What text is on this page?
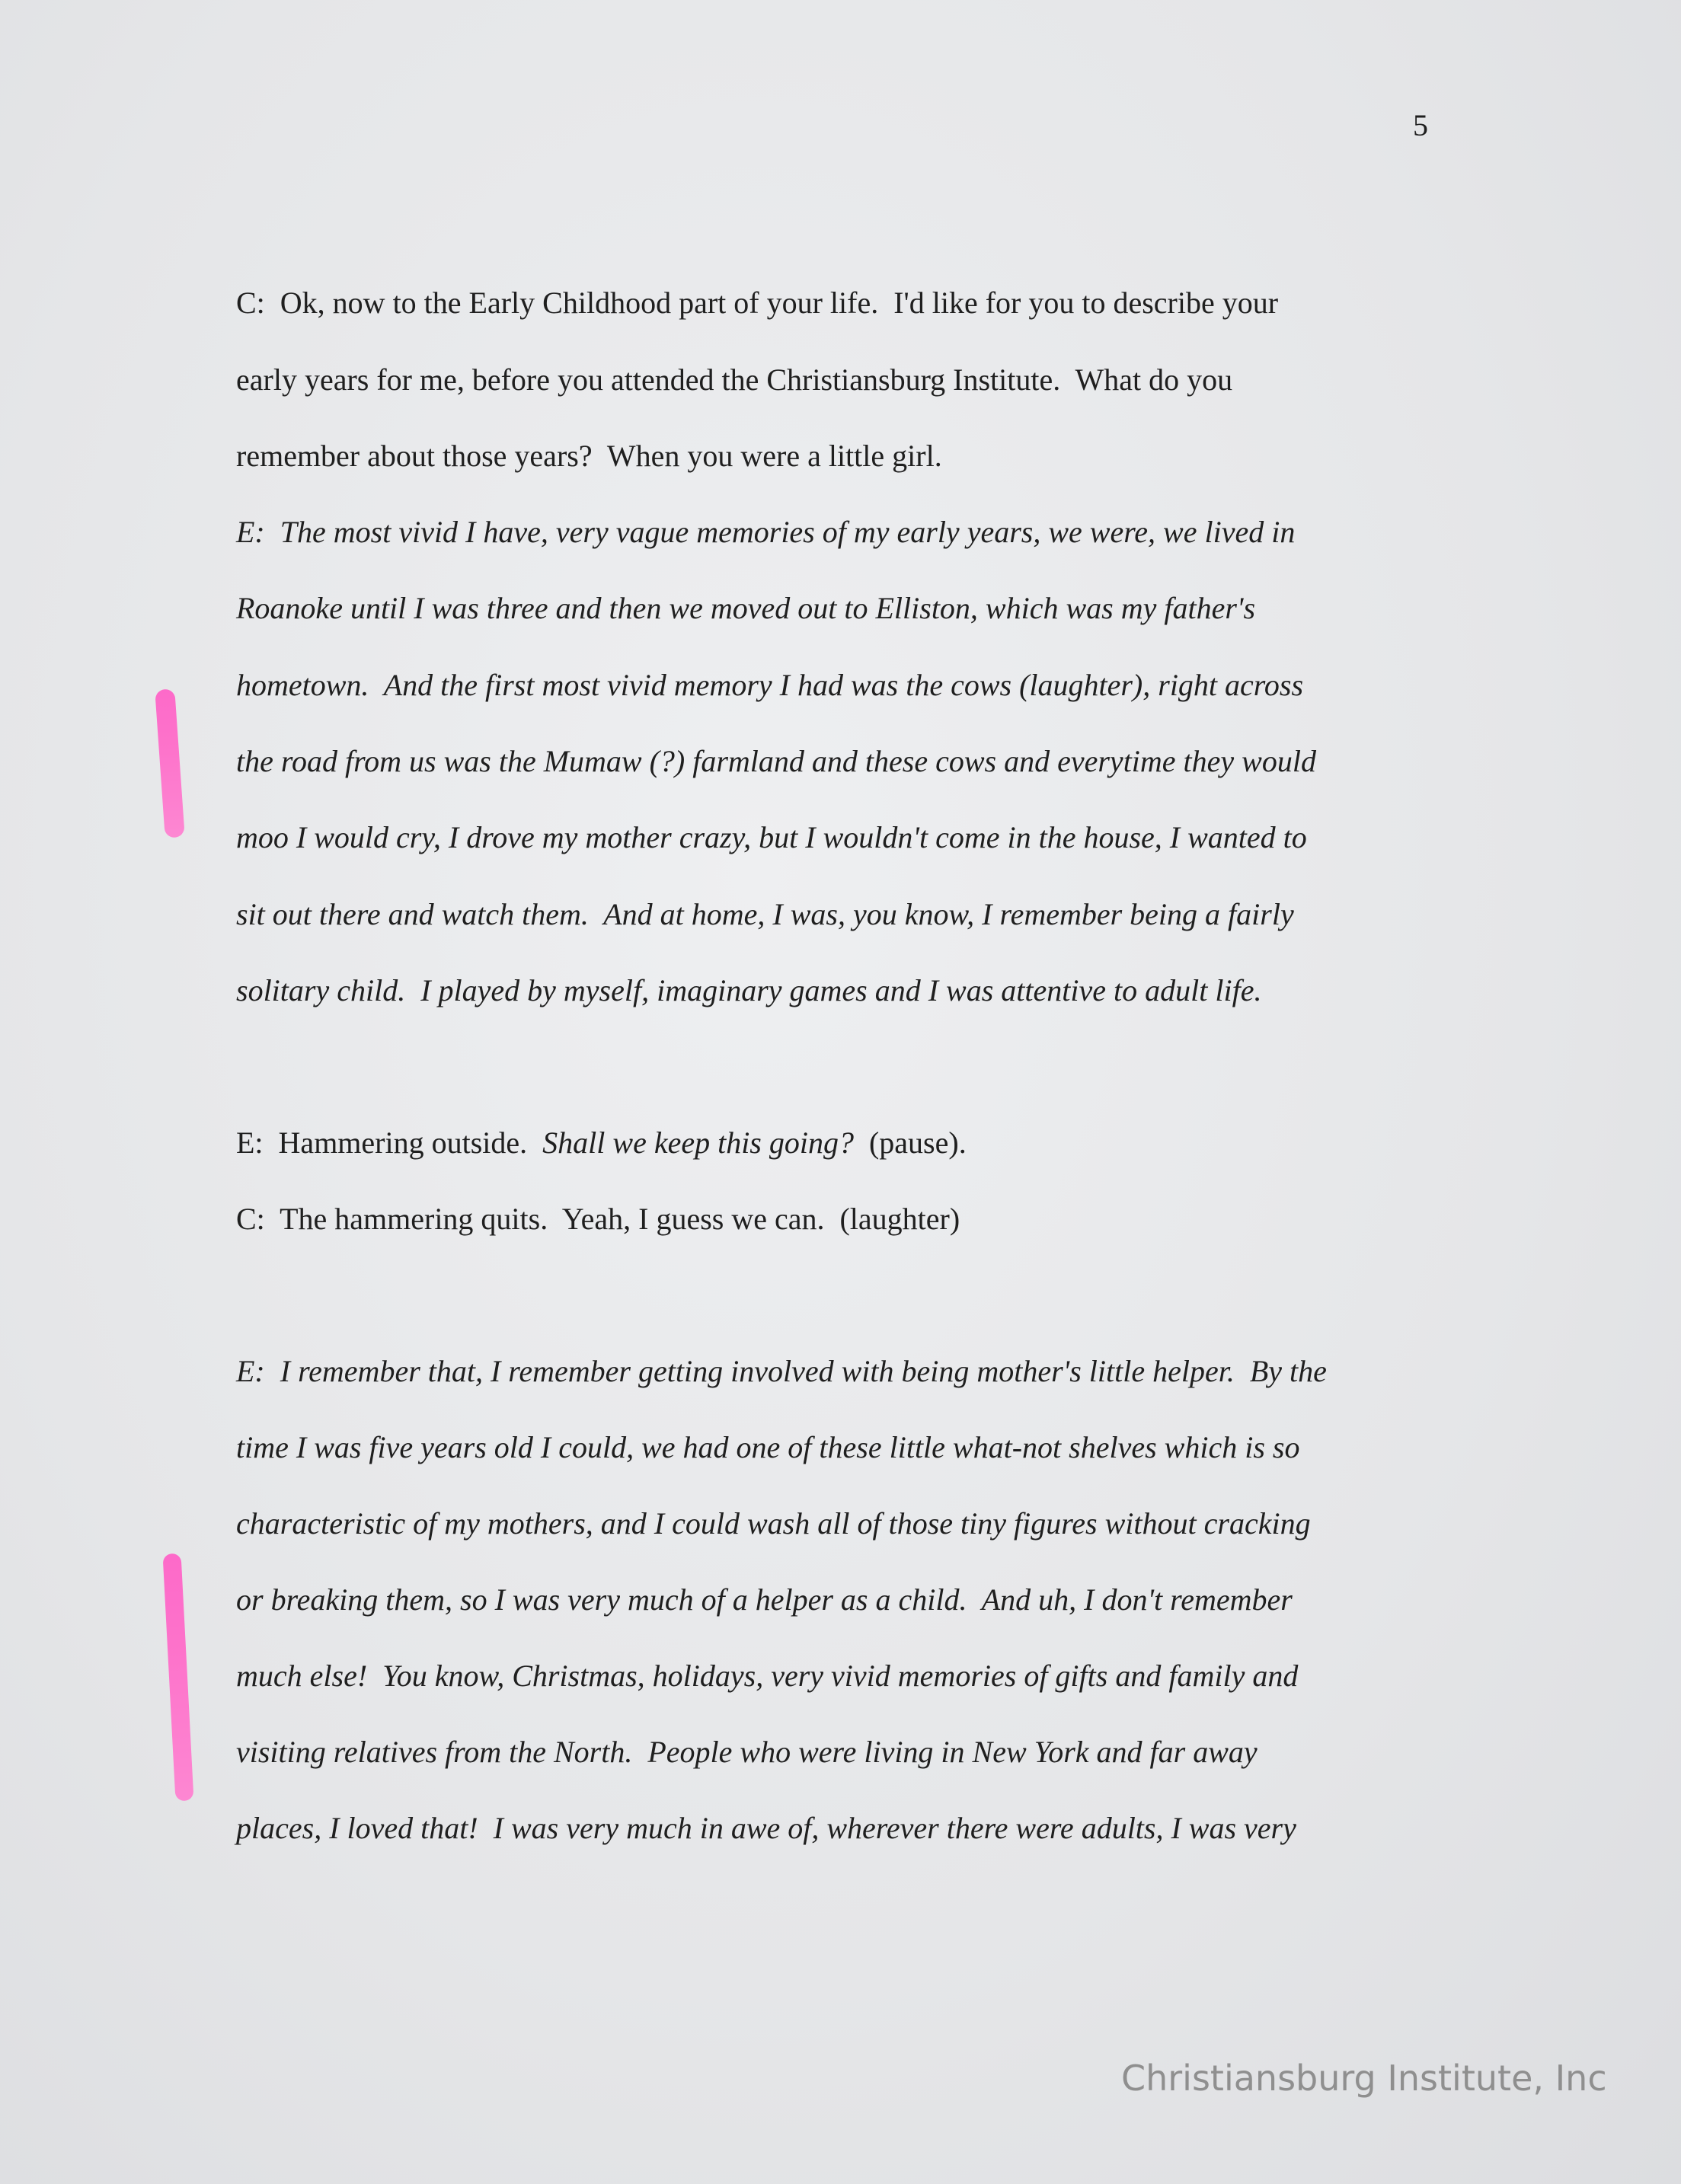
5
C:  Ok, now to the Early Childhood part of your life.  I'd like for you to describe your
early years for me, before you attended the Christiansburg Institute.  What do you
remember about those years?  When you were a little girl.
E:  The most vivid I have, very vague memories of my early years, we were, we lived in
Roanoke until I was three and then we moved out to Elliston, which was my father's
hometown.  And the first most vivid memory I had was the cows (laughter), right across
the road from us was the Mumaw (?) farmland and these cows and everytime they would
moo I would cry, I drove my mother crazy, but I wouldn't come in the house, I wanted to
sit out there and watch them.  And at home, I was, you know, I remember being a fairly
solitary child.  I played by myself, imaginary games and I was attentive to adult life.
E:  Hammering outside.  Shall we keep this going?  (pause).
C:  The hammering quits.  Yeah, I guess we can.  (laughter)
E:  I remember that, I remember getting involved with being mother's little helper.  By the
time I was five years old I could, we had one of these little what-not shelves which is so
characteristic of my mothers, and I could wash all of those tiny figures without cracking
or breaking them, so I was very much of a helper as a child.  And uh, I don't remember
much else!  You know, Christmas, holidays, very vivid memories of gifts and family and
visiting relatives from the North.  People who were living in New York and far away
places, I loved that!  I was very much in awe of, wherever there were adults, I was very
Christiansburg Institute, Inc
